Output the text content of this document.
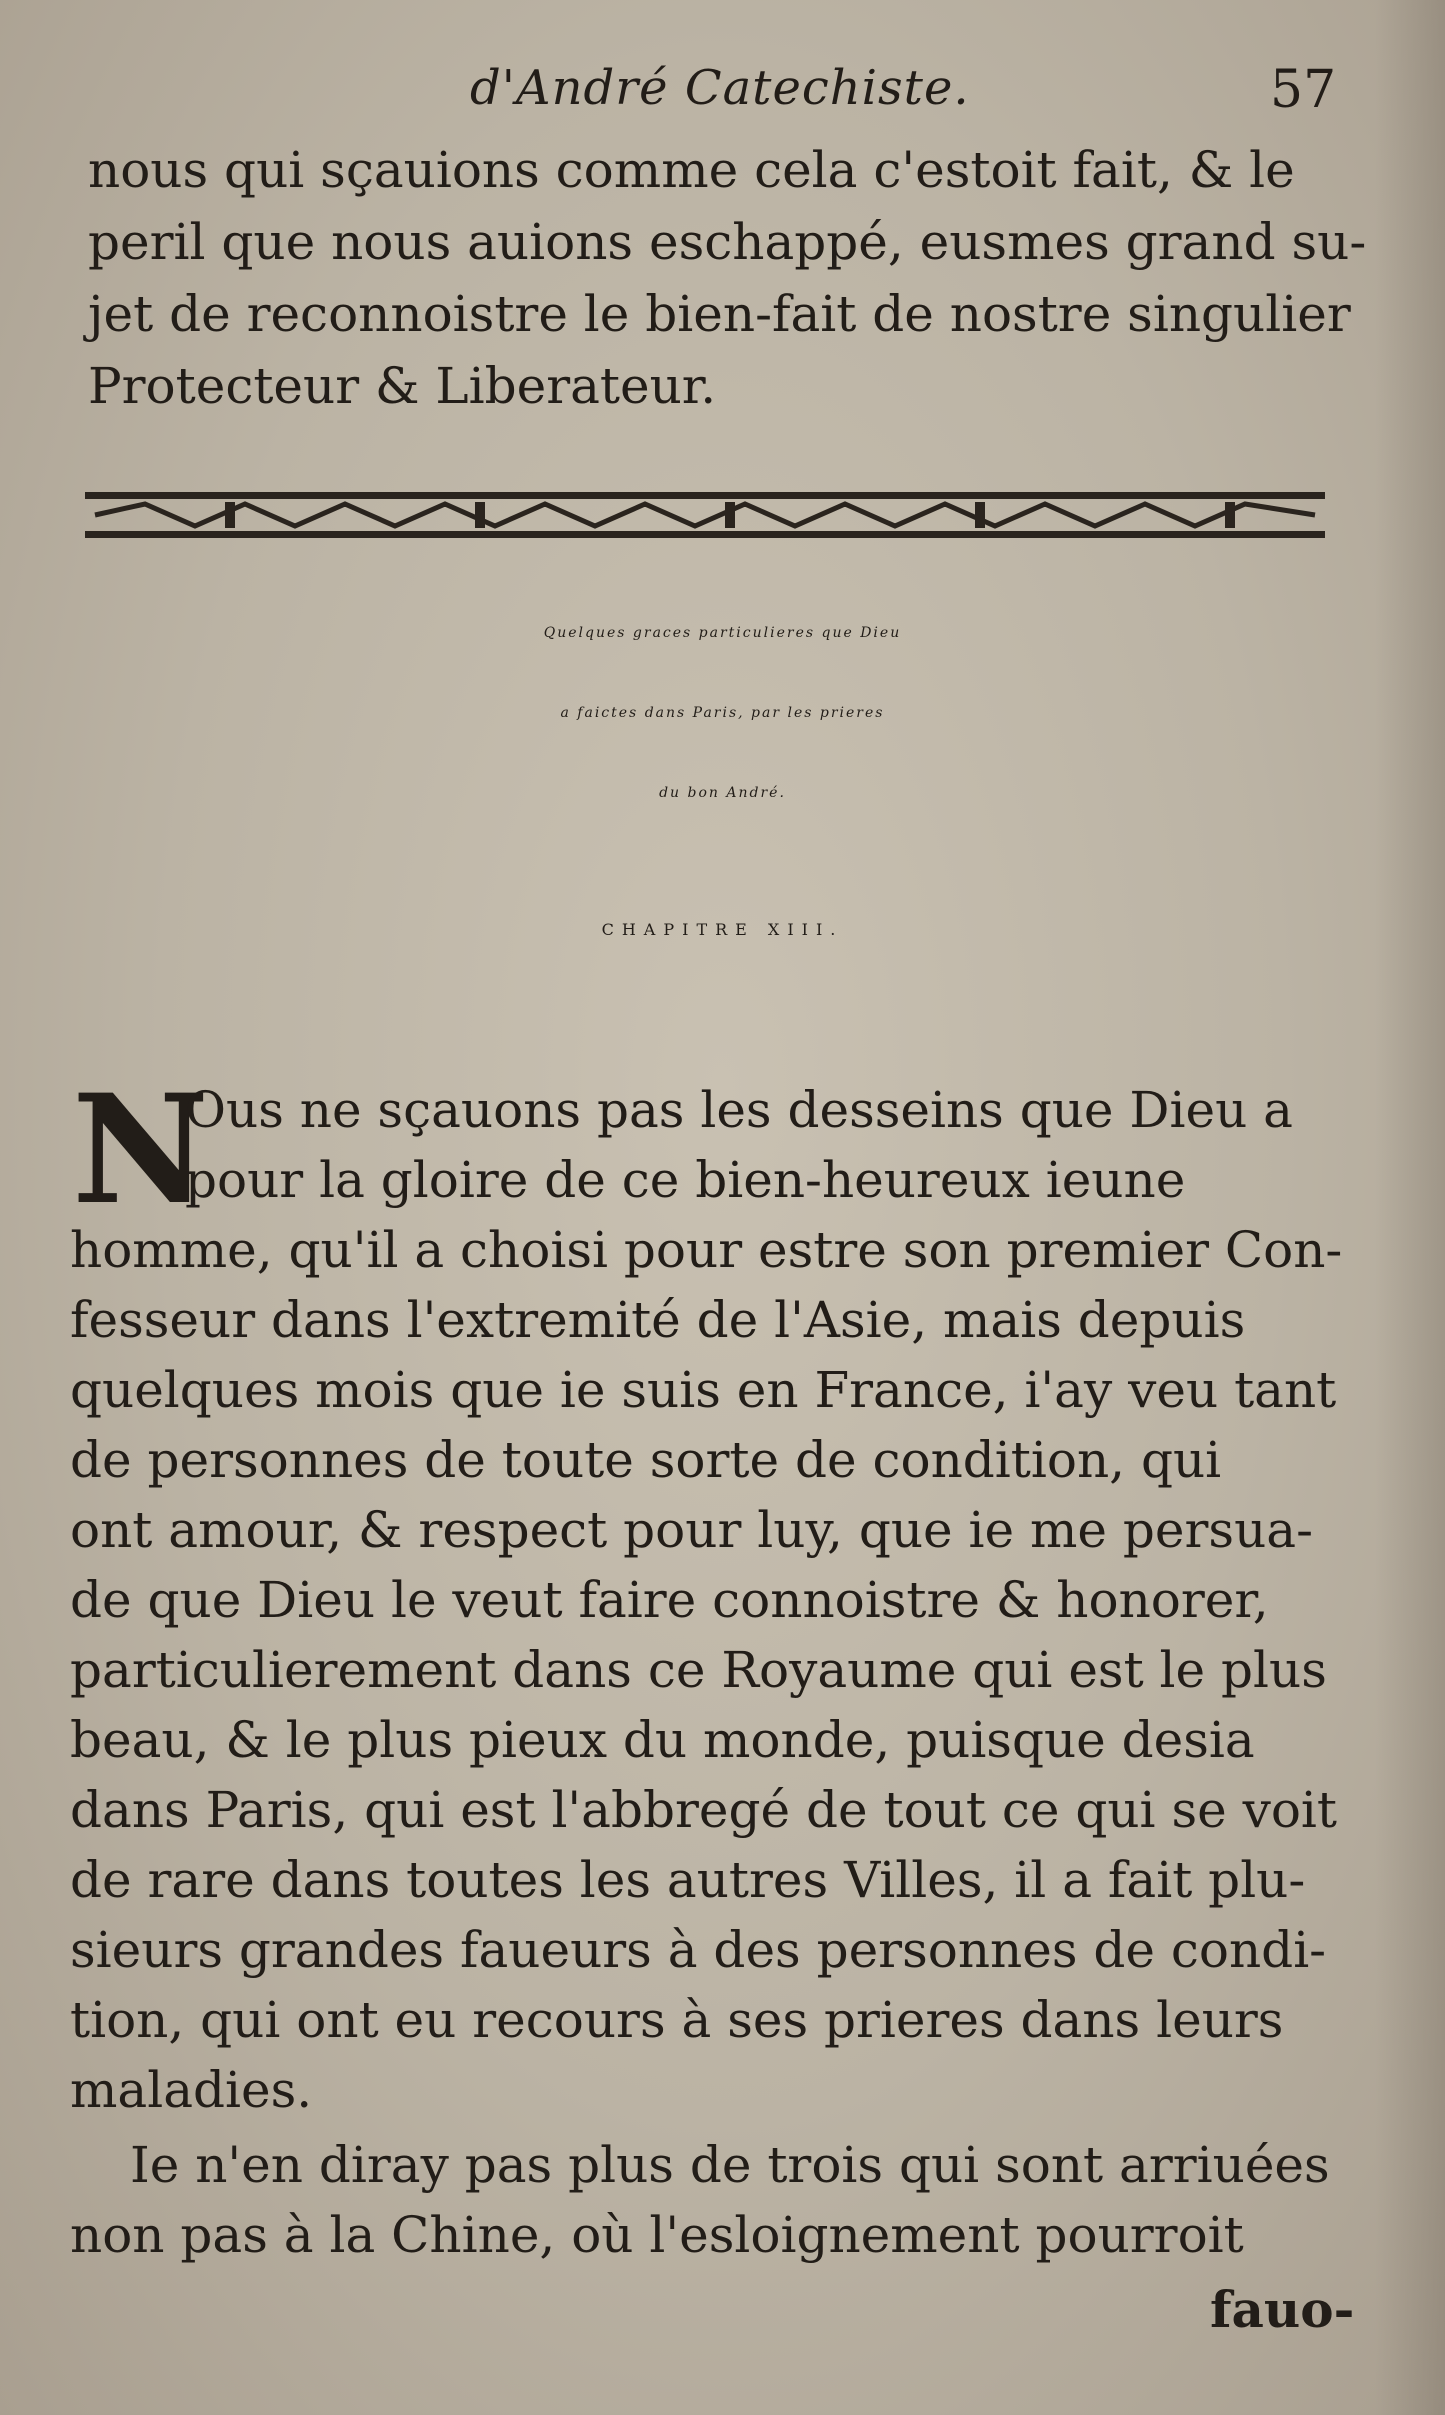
d'André Catechiste.	57
nous qui sçauions comme cela c'estoit fait, & le
peril que nous auions eschappé, eusmes grand su-
jet de reconnoistre le bien-fait de nostre singulier
Protecteur & Liberateur.
Quelques graces particulieres que Dieu
a faictes dans Paris, par les prieres
du bon André.
CHAPITRE XIII.
N
Ous ne sçauons pas les desseins que Dieu a
pour la gloire de ce bien-heureux ieune
homme, qu'il a choisi pour estre son premier Con-
fesseur dans l'extremité de l'Asie, mais depuis
quelques mois que ie suis en France, i'ay veu tant
de personnes de toute sorte de condition, qui
ont amour, & respect pour luy, que ie me persua-
de que Dieu le veut faire connoistre & honorer,
particulierement dans ce Royaume qui est le plus
beau, & le plus pieux du monde, puisque desia
dans Paris, qui est l'abbregé de tout ce qui se voit
de rare dans toutes les autres Villes, il a fait plu-
sieurs grandes faueurs à des personnes de condi-
tion, qui ont eu recours à ses prieres dans leurs
maladies.
Ie n'en diray pas plus de trois qui sont arriuées
non pas à la Chine, où l'esloignement pourroit
fauo-
